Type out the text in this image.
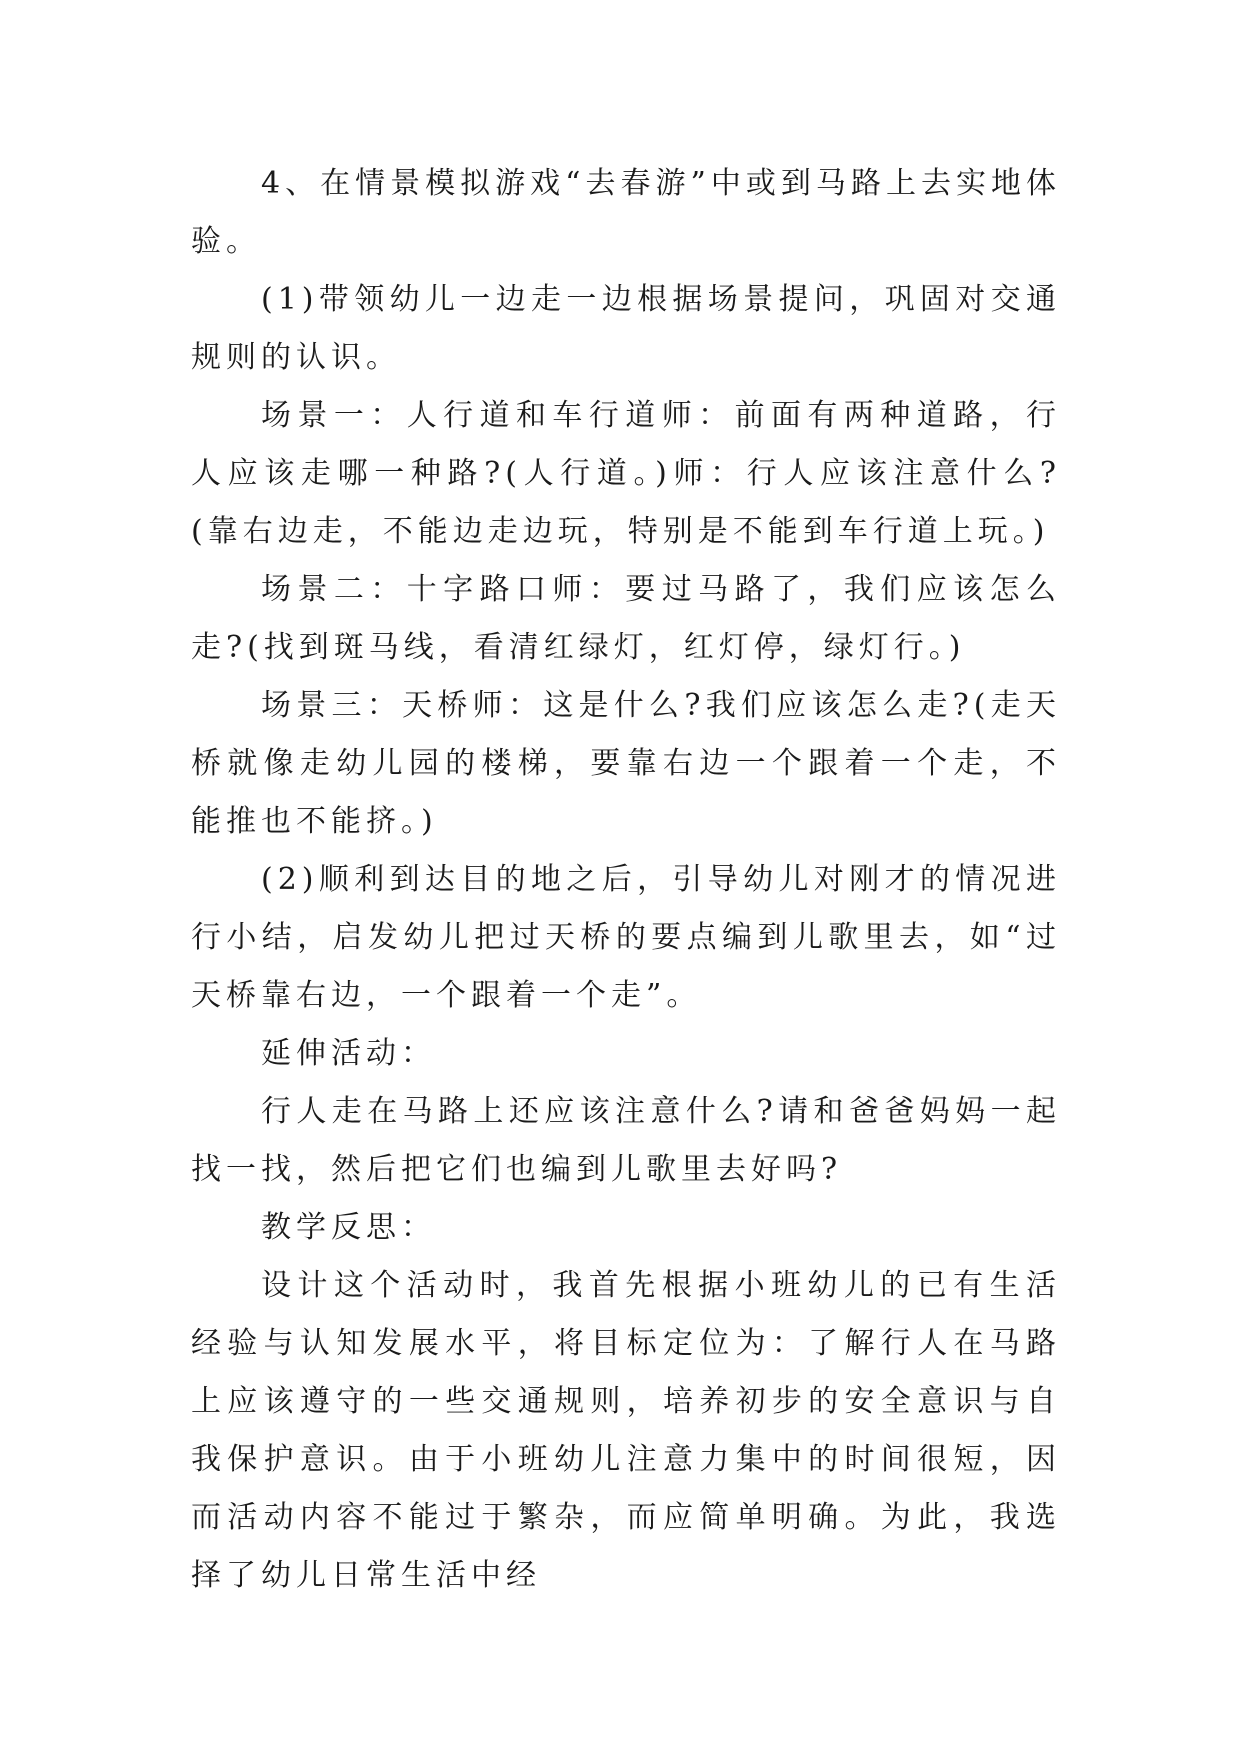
4、在情景模拟游戏“去春游”中或到马路上去实地体验。

(1)带领幼儿一边走一边根据场景提问，巩固对交通规则的认识。

场景一：人行道和车行道师：前面有两种道路，行人应该走哪一种路?(人行道。)师：行人应该注意什么?(靠右边走，不能边走边玩，特别是不能到车行道上玩。)

场景二：十字路口师：要过马路了，我们应该怎么走?(找到斑马线，看清红绿灯，红灯停，绿灯行。)

场景三：天桥师：这是什么?我们应该怎么走?(走天桥就像走幼儿园的楼梯，要靠右边一个跟着一个走，不能推也不能挤。)

(2)顺利到达目的地之后，引导幼儿对刚才的情况进行小结，启发幼儿把过天桥的要点编到儿歌里去，如“过天桥靠右边，一个跟着一个走”。

延伸活动：

行人走在马路上还应该注意什么?请和爸爸妈妈一起找一找，然后把它们也编到儿歌里去好吗?

教学反思：

设计这个活动时，我首先根据小班幼儿的已有生活经验与认知发展水平，将目标定位为：了解行人在马路上应该遵守的一些交通规则，培养初步的安全意识与自我保护意识。由于小班幼儿注意力集中的时间很短，因而活动内容不能过于繁杂，而应简单明确。为此，我选择了幼儿日常生活中经
